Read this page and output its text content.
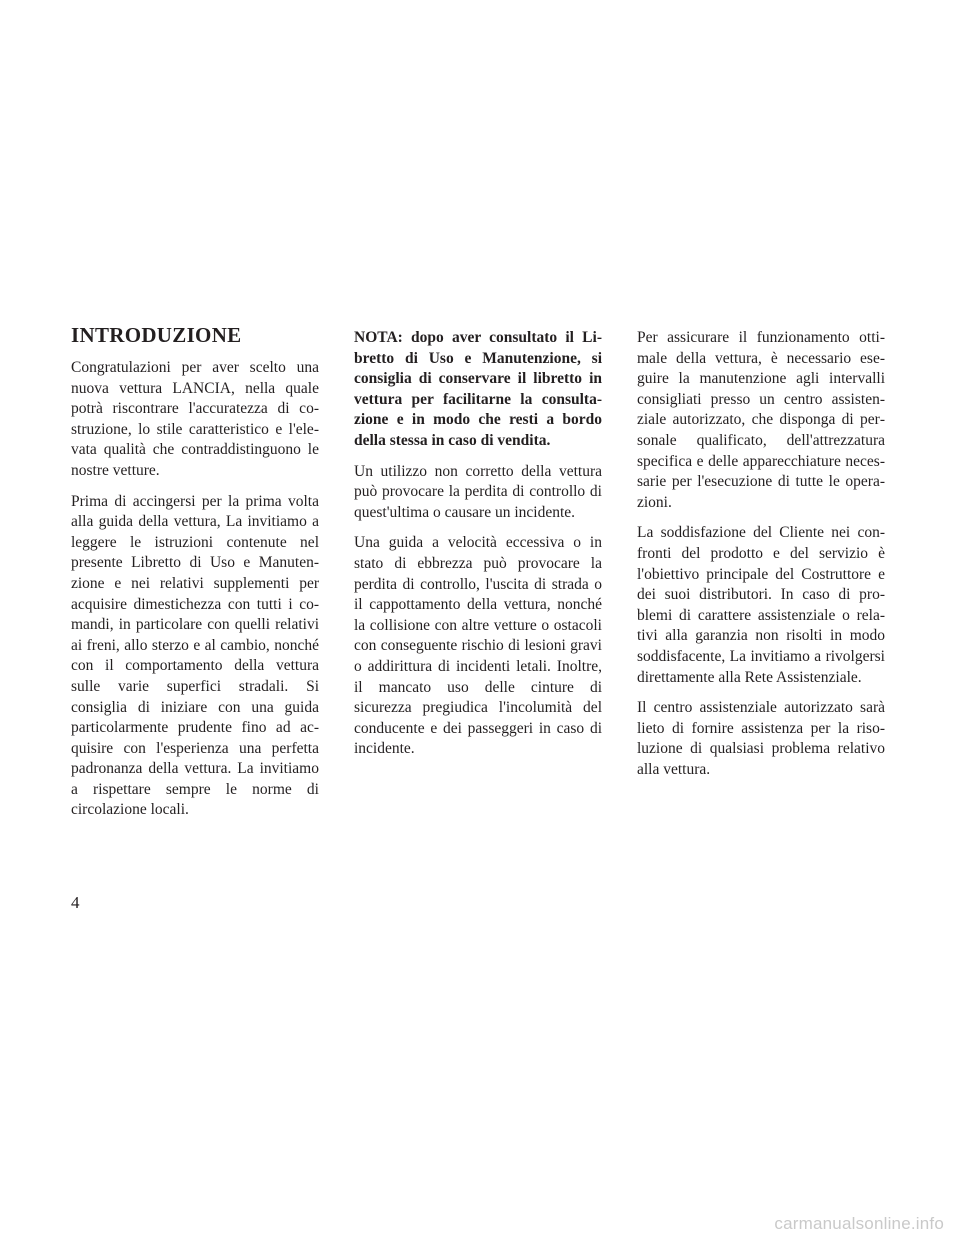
INTRODUZIONE

Congratulazioni per aver scelto una nuova vettura LANCIA, nella quale potrà riscontrare l'accuratezza di costruzione, lo stile caratteristico e l'elevata qualità che contraddistinguono le nostre vetture.

Prima di accingersi per la prima volta alla guida della vettura, La invitiamo a leggere le istruzioni contenute nel presente Libretto di Uso e Manutenzione e nei relativi supplementi per acquisire dimestichezza con tutti i comandi, in particolare con quelli relativi ai freni, allo sterzo e al cambio, nonché con il comportamento della vettura sulle varie superfici stradali. Si consiglia di iniziare con una guida particolarmente prudente fino ad acquisire con l'esperienza una perfetta padronanza della vettura. La invitiamo a rispettare sempre le norme di circolazione locali.

NOTA: dopo aver consultato il Libretto di Uso e Manutenzione, si consiglia di conservare il libretto in vettura per facilitarne la consultazione e in modo che resti a bordo della stessa in caso di vendita.

Un utilizzo non corretto della vettura può provocare la perdita di controllo di quest'ultima o causare un incidente.

Una guida a velocità eccessiva o in stato di ebbrezza può provocare la perdita di controllo, l'uscita di strada o il cappottamento della vettura, nonché la collisione con altre vetture o ostacoli con conseguente rischio di lesioni gravi o addirittura di incidenti letali. Inoltre, il mancato uso delle cinture di sicurezza pregiudica l'incolumità del conducente e dei passeggeri in caso di incidente.

Per assicurare il funzionamento ottimale della vettura, è necessario eseguire la manutenzione agli intervalli consigliati presso un centro assistenziale autorizzato, che disponga di personale qualificato, dell'attrezzatura specifica e delle apparecchiature necessarie per l'esecuzione di tutte le operazioni.

La soddisfazione del Cliente nei confronti del prodotto e del servizio è l'obiettivo principale del Costruttore e dei suoi distributori. In caso di problemi di carattere assistenziale o relativi alla garanzia non risolti in modo soddisfacente, La invitiamo a rivolgersi direttamente alla Rete Assistenziale.

Il centro assistenziale autorizzato sarà lieto di fornire assistenza per la risoluzione di qualsiasi problema relativo alla vettura.

4
carmanualsonline.info
